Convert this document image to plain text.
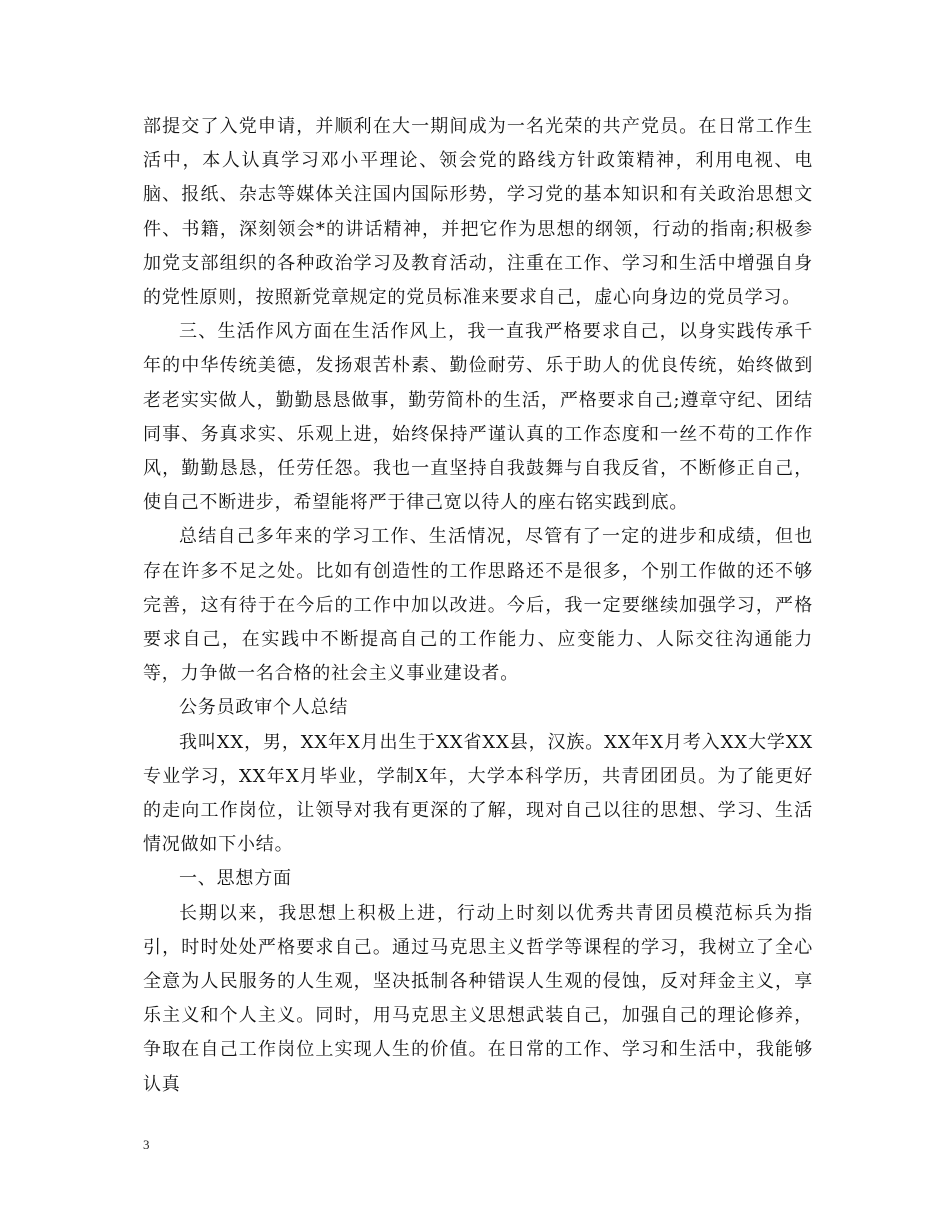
部提交了入党申请，并顺利在大一期间成为一名光荣的共产党员。在日常工作生活中，本人认真学习邓小平理论、领会党的路线方针政策精神，利用电视、电脑、报纸、杂志等媒体关注国内国际形势，学习党的基本知识和有关政治思想文件、书籍，深刻领会*的讲话精神，并把它作为思想的纲领，行动的指南;积极参加党支部组织的各种政治学习及教育活动，注重在工作、学习和生活中增强自身的党性原则，按照新党章规定的党员标准来要求自己，虚心向身边的党员学习。

三、生活作风方面在生活作风上，我一直我严格要求自己，以身实践传承千年的中华传统美德，发扬艰苦朴素、勤俭耐劳、乐于助人的优良传统，始终做到老老实实做人，勤勤恳恳做事，勤劳简朴的生活，严格要求自己;遵章守纪、团结同事、务真求实、乐观上进，始终保持严谨认真的工作态度和一丝不苟的工作作风，勤勤恳恳，任劳任怨。我也一直坚持自我鼓舞与自我反省，不断修正自己，使自己不断进步，希望能将严于律己宽以待人的座右铭实践到底。

总结自己多年来的学习工作、生活情况，尽管有了一定的进步和成绩，但也存在许多不足之处。比如有创造性的工作思路还不是很多，个别工作做的还不够完善，这有待于在今后的工作中加以改进。今后，我一定要继续加强学习，严格要求自己，在实践中不断提高自己的工作能力、应变能力、人际交往沟通能力等，力争做一名合格的社会主义事业建设者。

公务员政审个人总结

我叫XX，男，XX年X月出生于XX省XX县，汉族。XX年X月考入XX大学XX专业学习，XX年X月毕业，学制X年，大学本科学历，共青团团员。为了能更好的走向工作岗位，让领导对我有更深的了解，现对自己以往的思想、学习、生活情况做如下小结。

一、思想方面

长期以来，我思想上积极上进，行动上时刻以优秀共青团员模范标兵为指引，时时处处严格要求自己。通过马克思主义哲学等课程的学习，我树立了全心全意为人民服务的人生观，坚决抵制各种错误人生观的侵蚀，反对拜金主义，享乐主义和个人主义。同时，用马克思主义思想武装自己，加强自己的理论修养，争取在自己工作岗位上实现人生的价值。在日常的工作、学习和生活中，我能够认真

3
